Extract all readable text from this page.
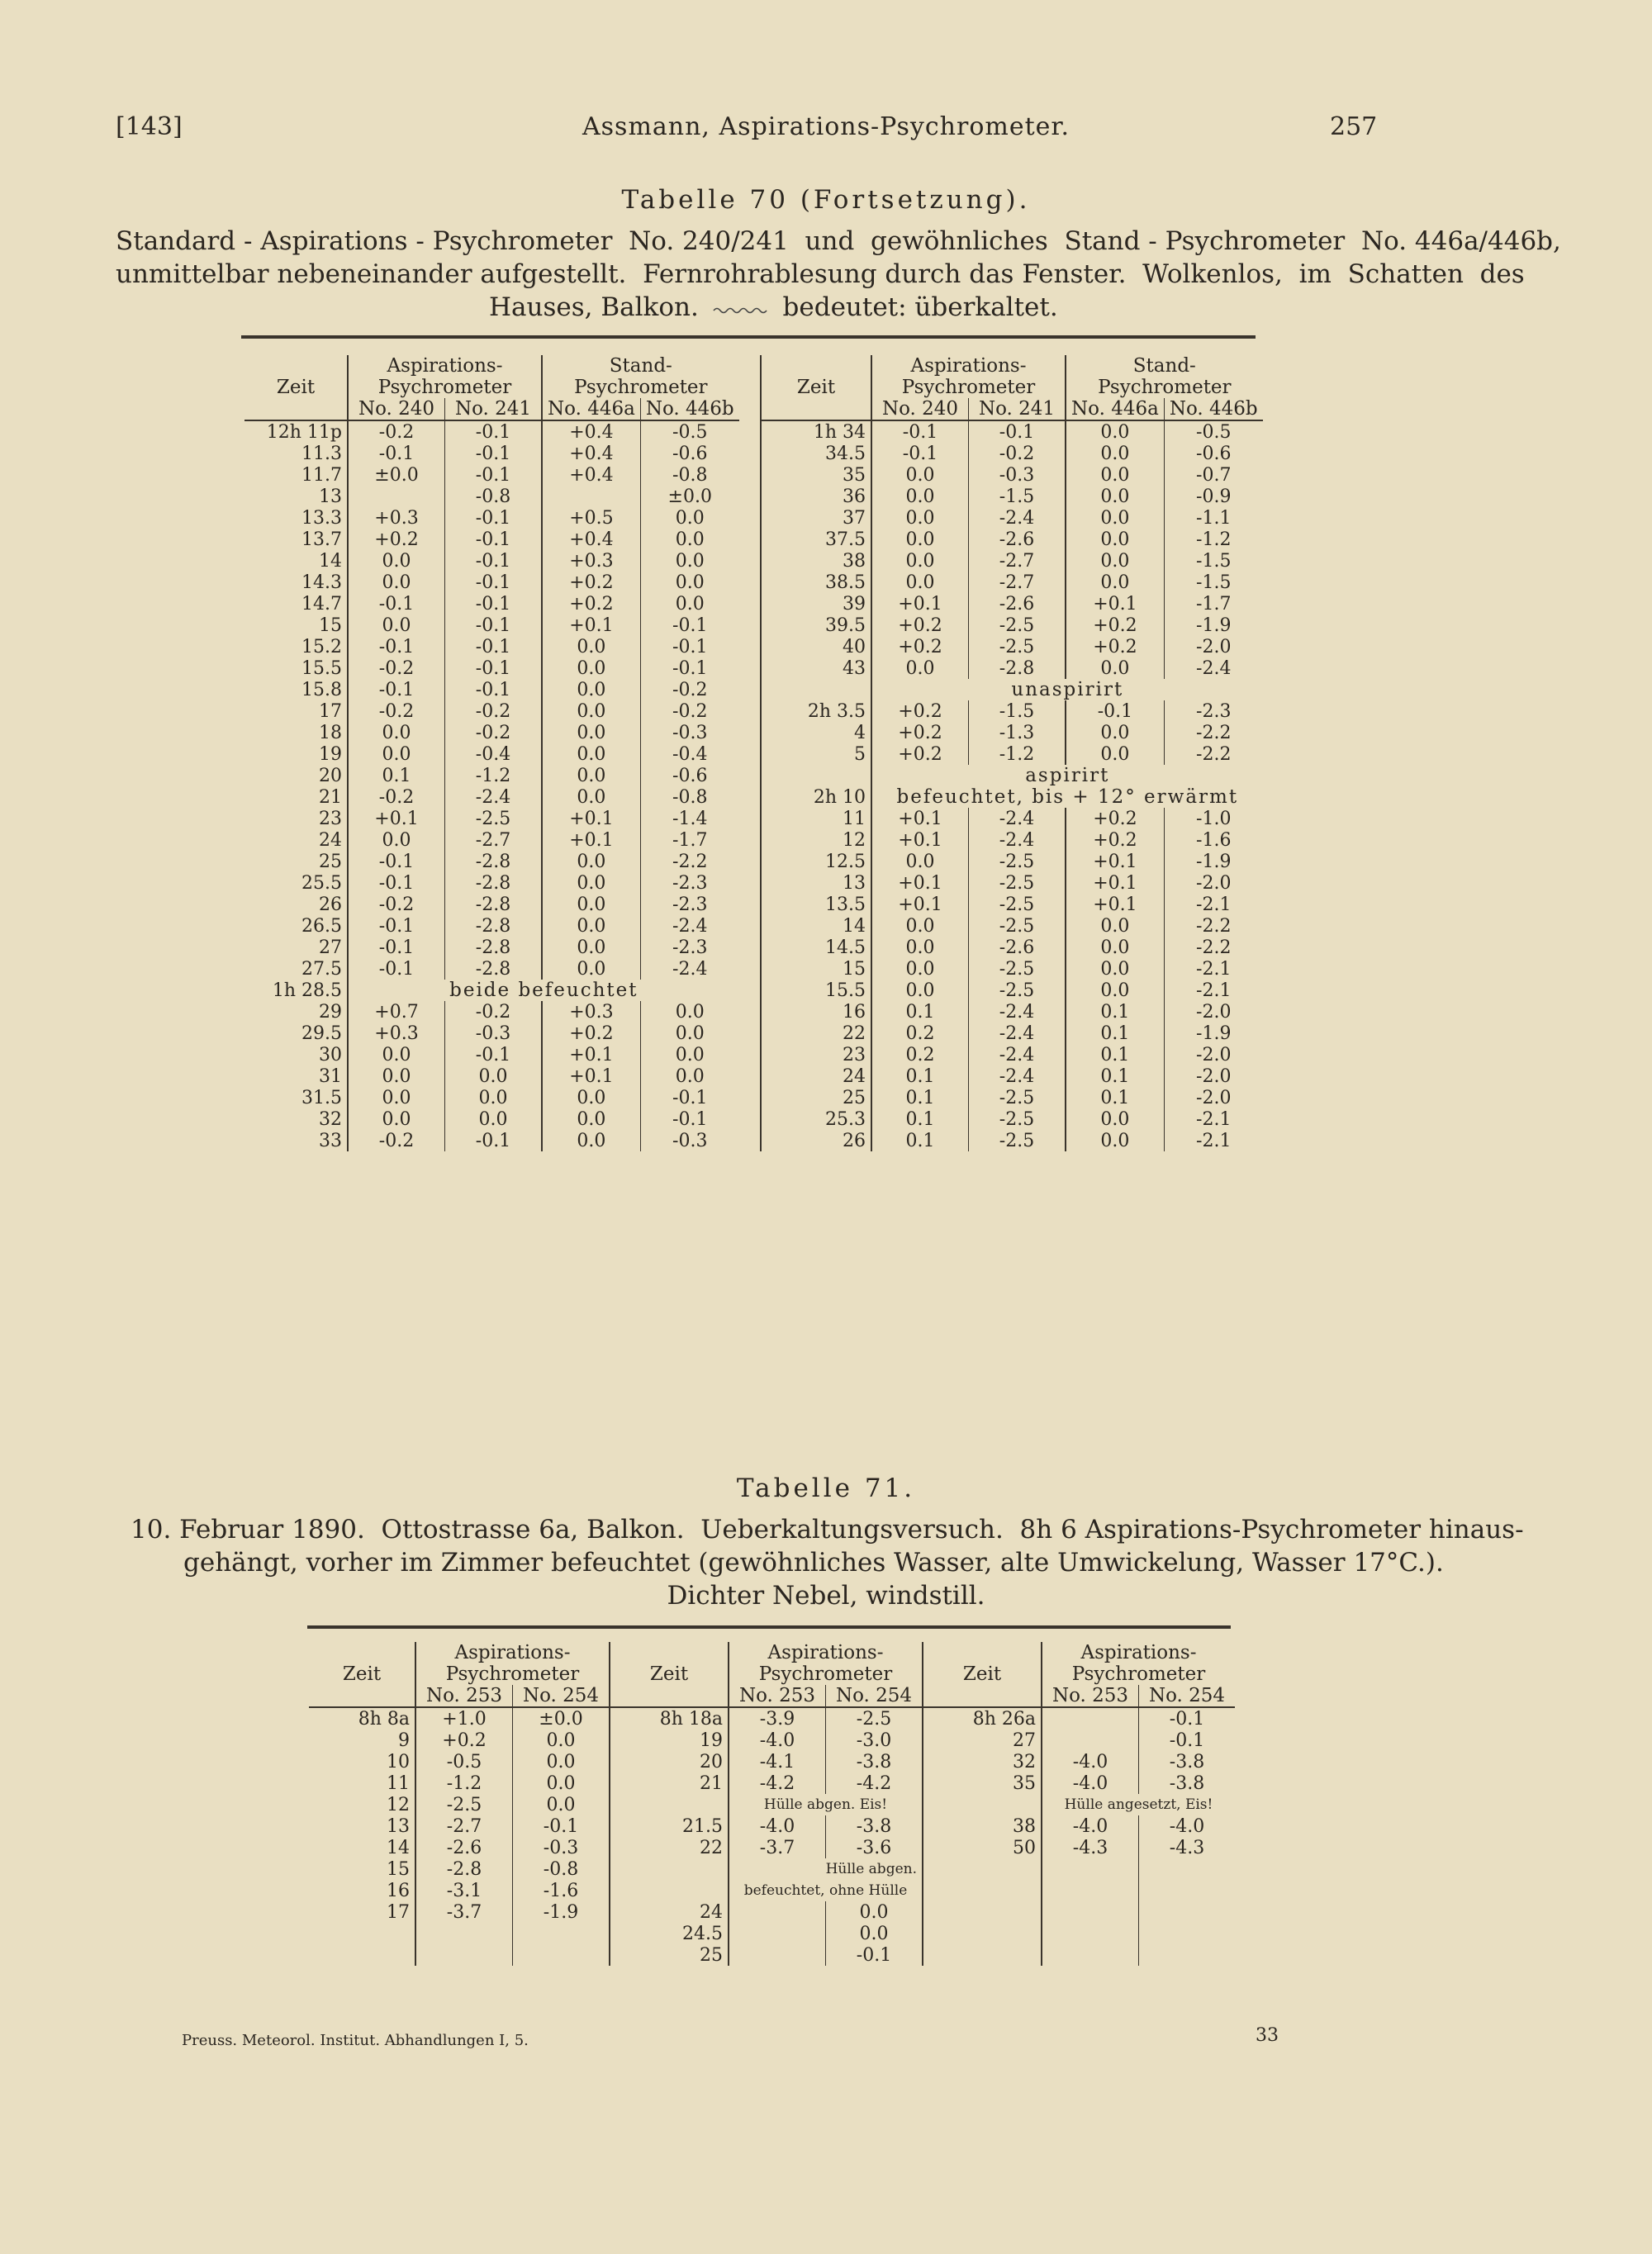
[143]	Assmann, Aspirations-Psychrometer.	257
Tabelle 70 (Fortsetzung).
Standard - Aspirations - Psychrometer  No. 240/241  und  gewöhnliches  Stand - Psychrometer  No. 446a/446b,
unmittelbar nebeneinander aufgestellt.  Fernrohrablesung durch das Fenster.  Wolkenlos,  im  Schatten  des
Hauses, Balkon.	bedeutet: überkaltet.
Zeit	Aspirations-		Stand-	
	Psychrometer		Psychrometer	
	No. 240	No. 241	No. 446a	No. 446b
12h 11p	-0.2	-0.1	+0.4	-0.5
11.3	-0.1	-0.1	+0.4	-0.6
11.7	±0.0	-0.1	+0.4	-0.8
13		-0.8		±0.0
13.3	+0.3	-0.1	+0.5	0.0
13.7	+0.2	-0.1	+0.4	0.0
14	0.0	-0.1	+0.3	0.0
14.3	0.0	-0.1	+0.2	0.0
14.7	-0.1	-0.1	+0.2	0.0
15	0.0	-0.1	+0.1	-0.1
15.2	-0.1	-0.1	0.0	-0.1
15.5	-0.2	-0.1	0.0	-0.1
15.8	-0.1	-0.1	0.0	-0.2
17	-0.2	-0.2	0.0	-0.2
18	0.0	-0.2	0.0	-0.3
19	0.0	-0.4	0.0	-0.4
20	0.1	-1.2	0.0	-0.6
21	-0.2	-2.4	0.0	-0.8
23	+0.1	-2.5	+0.1	-1.4
24	0.0	-2.7	+0.1	-1.7
25	-0.1	-2.8	0.0	-2.2
25.5	-0.1	-2.8	0.0	-2.3
26	-0.2	-2.8	0.0	-2.3
26.5	-0.1	-2.8	0.0	-2.4
27	-0.1	-2.8	0.0	-2.3
27.5	-0.1	-2.8	0.0	-2.4
1h 28.5	beide befeuchtet			
29	+0.7	-0.2	+0.3	0.0
29.5	+0.3	-0.3	+0.2	0.0
30	0.0	-0.1	+0.1	0.0
31	0.0	0.0	+0.1	0.0
31.5	0.0	0.0	0.0	-0.1
32	0.0	0.0	0.0	-0.1
33	-0.2	-0.1	0.0	-0.3
Zeit	Aspirations-		Stand-	
	Psychrometer		Psychrometer	
	No. 240	No. 241	No. 446a	No. 446b
1h 34	-0.1	-0.1	0.0	-0.5
34.5	-0.1	-0.2	0.0	-0.6
35	0.0	-0.3	0.0	-0.7
36	0.0	-1.5	0.0	-0.9
37	0.0	-2.4	0.0	-1.1
37.5	0.0	-2.6	0.0	-1.2
38	0.0	-2.7	0.0	-1.5
38.5	0.0	-2.7	0.0	-1.5
39	+0.1	-2.6	+0.1	-1.7
39.5	+0.2	-2.5	+0.2	-1.9
40	+0.2	-2.5	+0.2	-2.0
43	0.0	-2.8	0.0	-2.4
	unaspirirt			
2h 3.5	+0.2	-1.5	-0.1	-2.3
4	+0.2	-1.3	0.0	-2.2
5	+0.2	-1.2	0.0	-2.2
	aspirirt			
2h 10	befeuchtet, bis + 12° erwärmt			
11	+0.1	-2.4	+0.2	-1.0
12	+0.1	-2.4	+0.2	-1.6
12.5	0.0	-2.5	+0.1	-1.9
13	+0.1	-2.5	+0.1	-2.0
13.5	+0.1	-2.5	+0.1	-2.1
14	0.0	-2.5	0.0	-2.2
14.5	0.0	-2.6	0.0	-2.2
15	0.0	-2.5	0.0	-2.1
15.5	0.0	-2.5	0.0	-2.1
16	0.1	-2.4	0.1	-2.0
22	0.2	-2.4	0.1	-1.9
23	0.2	-2.4	0.1	-2.0
24	0.1	-2.4	0.1	-2.0
25	0.1	-2.5	0.1	-2.0
25.3	0.1	-2.5	0.0	-2.1
26	0.1	-2.5	0.0	-2.1
Tabelle 71.
10. Februar 1890.  Ottostrasse 6a, Balkon.  Ueberkaltungsversuch.  8h 6 Aspirations-Psychrometer hinaus-
gehängt, vorher im Zimmer befeuchtet (gewöhnliches Wasser, alte Umwickelung, Wasser 17°C.).
Dichter Nebel, windstill.
Zeit	Aspirations-		Zeit	Aspirations-		Zeit	Aspirations-	
	Psychrometer			Psychrometer			Psychrometer	
	No. 253	No. 254		No. 253	No. 254		No. 253	No. 254
8h 8a	+1.0	±0.0	8h 18a	-3.9	-2.5	8h 26a		-0.1
9	+0.2	0.0	19	-4.0	-3.0	27		-0.1
10	-0.5	0.0	20	-4.1	-3.8	32	-4.0	-3.8
11	-1.2	0.0	21	-4.2	-4.2	35	-4.0	-3.8
12	-2.5	0.0		Hülle abgen. Eis!			Hülle angesetzt, Eis!	
13	-2.7	-0.1	21.5	-4.0	-3.8	38	-4.0	-4.0
14	-2.6	-0.3	22	-3.7	-3.6	50	-4.3	-4.3
15	-2.8	-0.8		Hülle abgen.				
16	-3.1	-1.6		befeuchtet, ohne Hülle				
17	-3.7	-1.9	24		0.0			
			24.5		0.0			
			25		-0.1			
Preuss. Meteorol. Institut. Abhandlungen I, 5.	33
